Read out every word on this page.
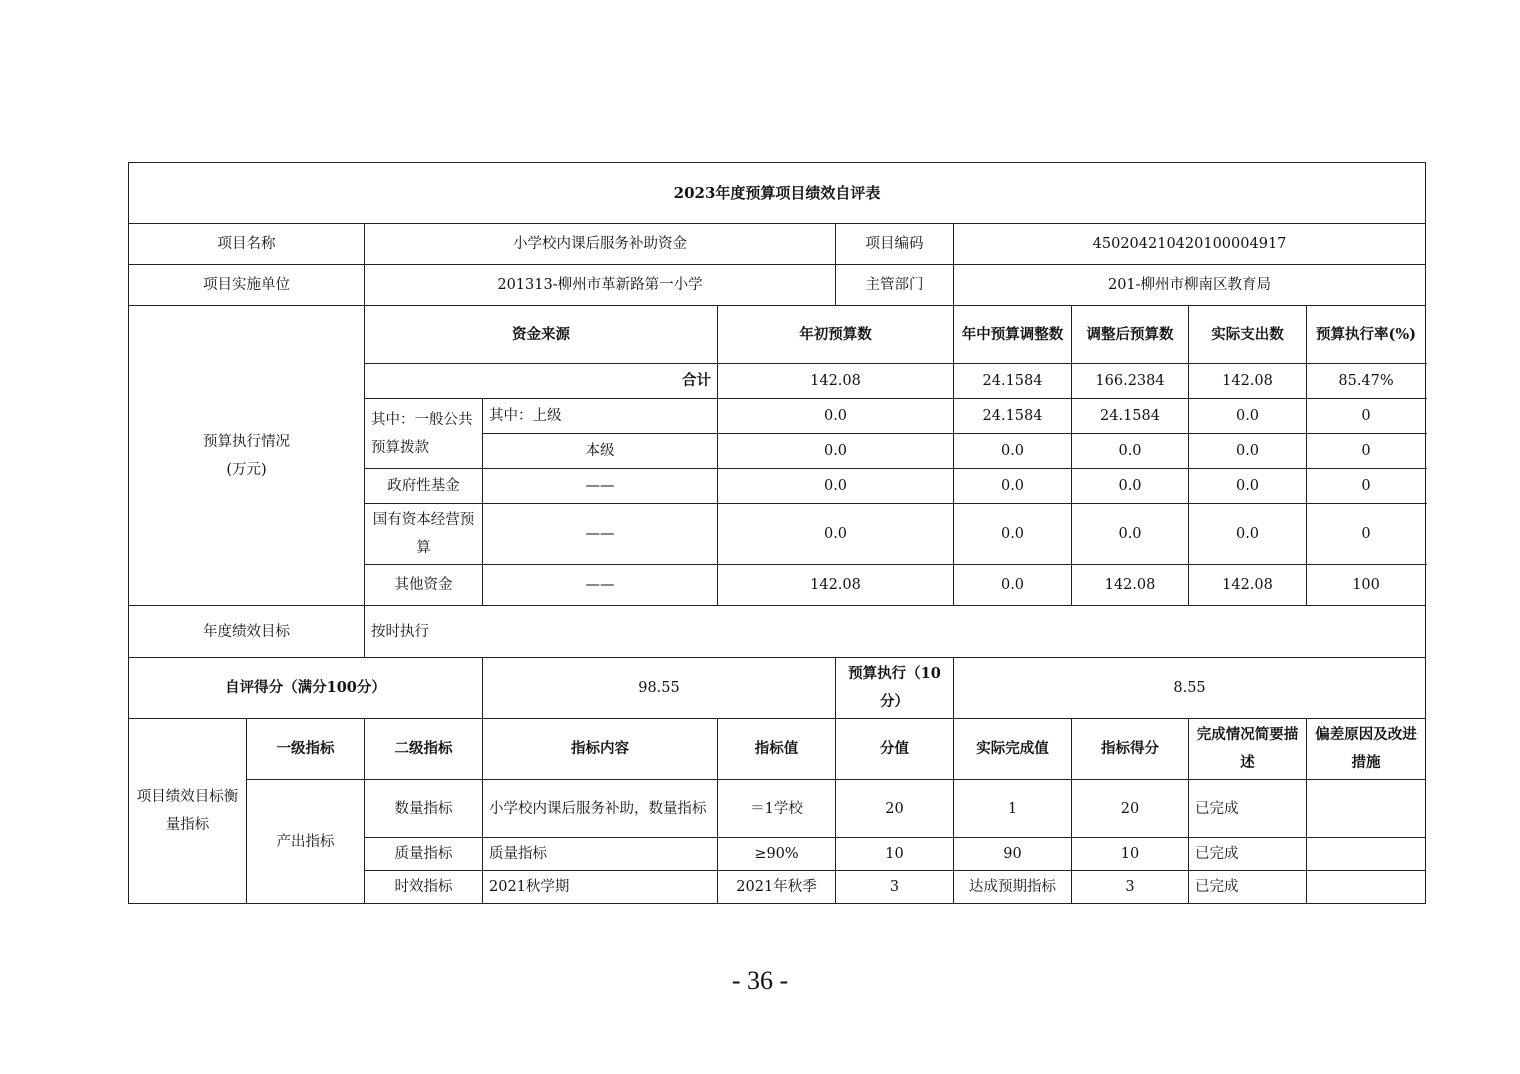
2023年度预算项目绩效自评表									
项目名称		小学校内课后服务补助资金			项目编码	450204210420100004917			
项目实施单位		201313-柳州市革新路第一小学			主管部门	201-柳州市柳南区教育局			

预算执行情况
(万元)		资金来源		年初预算数		年中预算调整数	调整后预算数	实际支出数	预算执行率(%)
		合计		142.08		24.1584	166.2384	142.08	85.47%
		其中：一般公共预算拨款	其中：上级	0.0		24.1584	24.1584	0.0	0
			本级	0.0		0.0	0.0	0.0	0
		政府性基金	——	0.0		0.0	0.0	0.0	0
		国有资本经营预算	——	0.0		0.0	0.0	0.0	0
		其他资金	——	142.08		0.0	142.08	142.08	100
年度绩效目标		按时执行							
自评得分（满分100分）			98.55		预算执行（10分）	8.55			
项目绩效目标衡量指标	一级指标	二级指标	指标内容	指标值	分值	实际完成值	指标得分	完成情况简要描述	偏差原因及改进措施
	产出指标	数量指标	小学校内课后服务补助，数量指标	＝1学校	20	1	20	已完成	
		质量指标	质量指标	≥90%	10	90	10	已完成	
		时效指标	2021秋学期	2021年秋季	3	达成预期指标	3	已完成	
- 36 -
